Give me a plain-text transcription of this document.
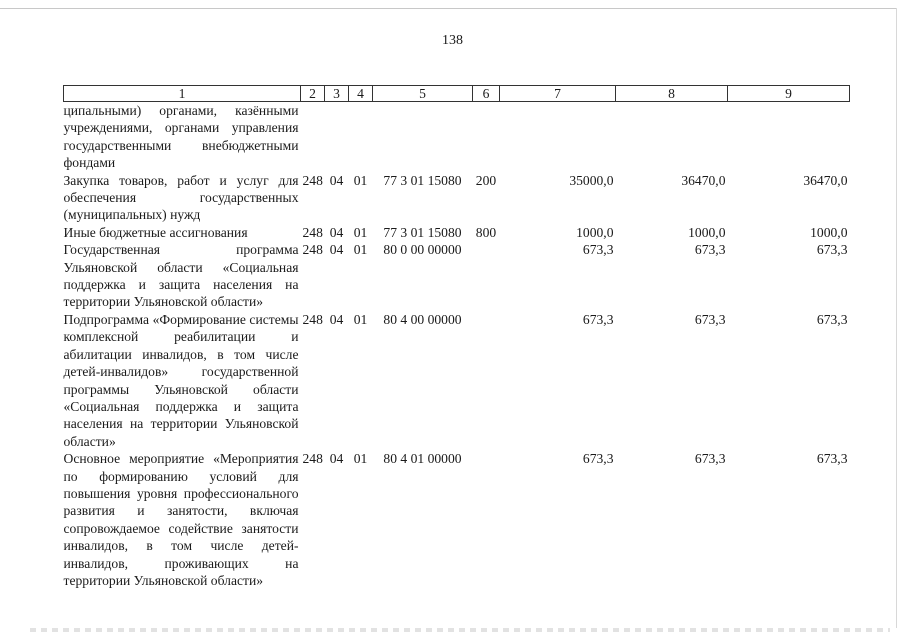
138
1	2	3	4	5	6	7	8	9
ципальными) органами, казёнными учреждениями, органами управления государственными внебюджетными фондами								
Закупка товаров, работ и услуг для обеспечения государственных (муниципальных) нужд	248	04	01	77 3 01 15080	200	35000,0	36470,0	36470,0
Иные бюджетные ассигнования	248	04	01	77 3 01 15080	800	1000,0	1000,0	1000,0
Государственная программа Ульяновской области «Социальная поддержка и защита населения на территории Ульяновской области»	248	04	01	80 0 00 00000		673,3	673,3	673,3
Подпрограмма «Формирование системы комплексной реабилитации и абилитации инвалидов, в том числе детей-инвалидов» государственной программы Ульяновской области «Социальная поддержка и защита населения на территории Ульяновской области»	248	04	01	80 4 00 00000		673,3	673,3	673,3
Основное мероприятие «Мероприятия по формированию условий для повышения уровня профессионального развития и занятости, включая сопровождаемое содействие занятости инвалидов, в том числе детей-инвалидов, проживающих на территории Ульяновской области»	248	04	01	80 4 01 00000		673,3	673,3	673,3
